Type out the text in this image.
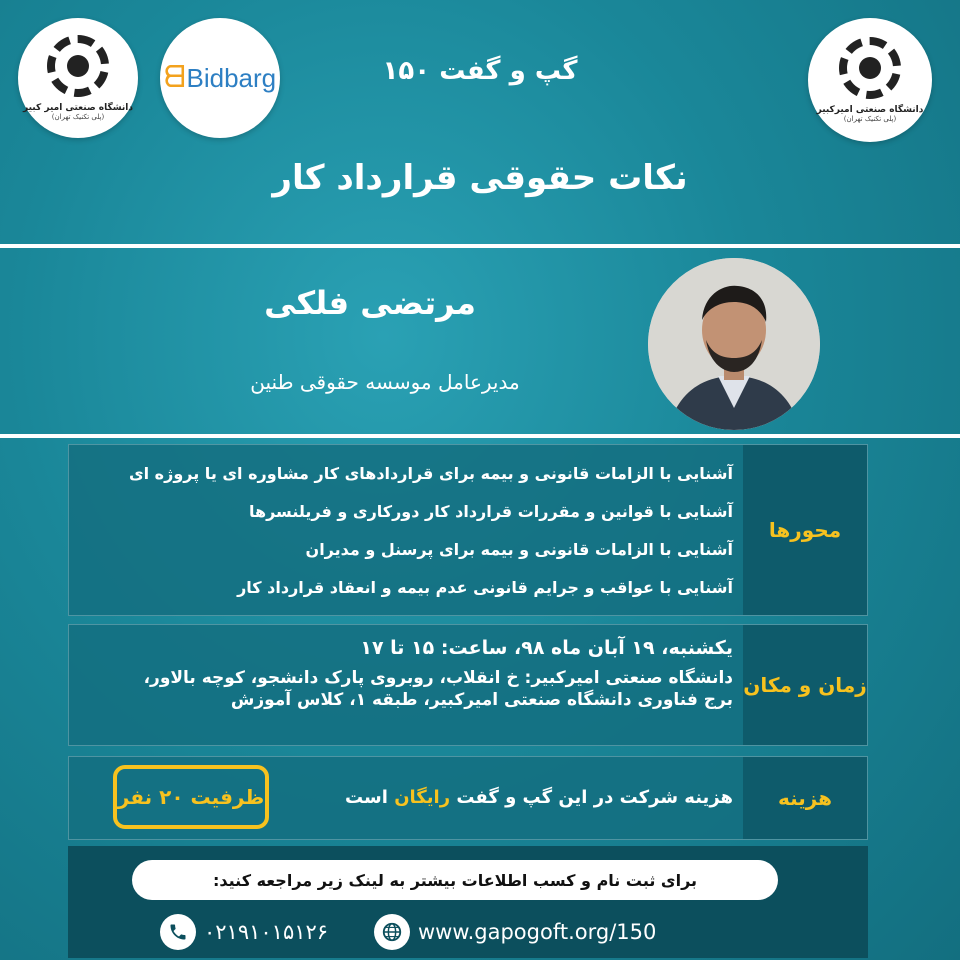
دانشگاه صنعتی امیر کبیر
(پلی تکنیک تهران)
ᗺ Bidbarg
دانشگاه صنعتی امیرکبیر
(پلی تکنیک تهران)
گپ و گفت ۱۵۰
نکات حقوقی قرارداد کار
مرتضی فلکی
مدیرعامل موسسه حقوقی طنین
محورها
آشنایی با الزامات قانونی و بیمه برای قراردادهای کار مشاوره ای یا پروژه ای
آشنایی با قوانین و مقررات قرارداد کار دورکاری و فریلنسرها
آشنایی با الزامات قانونی و بیمه برای پرسنل و مدیران
آشنایی با عواقب و جرایم قانونی عدم بیمه و انعقاد قرارداد کار
زمان و مکان
یکشنبه، ۱۹ آبان ماه ۹۸، ساعت: ۱۵ تا ۱۷
دانشگاه صنعتی امیرکبیر: خ انقلاب، روبروی پارک دانشجو، کوچه بالاور،
برج فناوری دانشگاه صنعتی امیرکبیر، طبقه ۱، کلاس آموزش
هزینه
هزینه شرکت در این گپ و گفت رایگان است
ظرفیت ۲۰ نفر
برای ثبت نام و کسب اطلاعات بیشتر به لینک زیر مراجعه کنید:
۰۲۱۹۱۰۱۵۱۲۶	www.gapogoft.org/150
